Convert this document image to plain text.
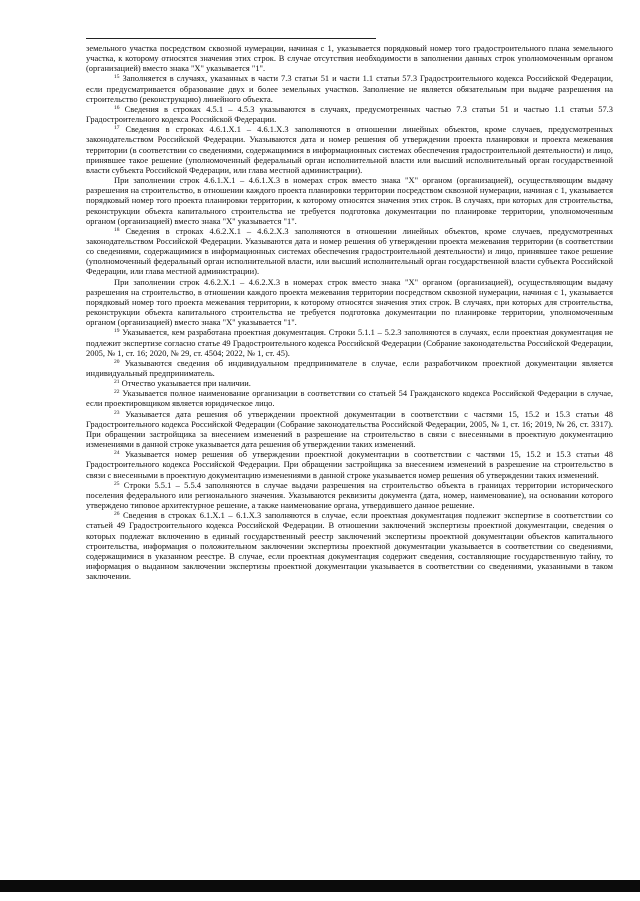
земельного участка посредством сквозной нумерации, начиная с 1, указывается порядковый номер того градостроительного плана земельного участка, к которому относятся значения этих строк. В случае отсутствия необходимости в заполнении данных строк уполномоченным органом (организацией) вместо знака "Х" указывается "1".

$^{15}$ Заполняется в случаях, указанных в части 7.3 статьи 51 и части 1.1 статьи 57.3 Градостроительного кодекса Российской Федерации, если предусматривается образование двух и более земельных участков. Заполнение не является обязательным при выдаче разрешения на строительство (реконструкцию) линейного объекта.

$^{16}$ Сведения в строках 4.5.1 – 4.5.3 указываются в случаях, предусмотренных частью 7.3 статьи 51 и частью 1.1 статьи 57.3 Градостроительного кодекса Российской Федерации.

$^{17}$ Сведения в строках 4.6.1.Х.1 – 4.6.1.Х.3 заполняются в отношении линейных объектов, кроме случаев, предусмотренных законодательством Российской Федерации. Указываются дата и номер решения об утверждении проекта планировки и проекта межевания территории (в соответствии со сведениями, содержащимися в информационных системах обеспечения градостроительной деятельности) и лицо, принявшее такое решение (уполномоченный федеральный орган исполнительной власти или высший исполнительный орган государственной власти субъекта Российской Федерации, или глава местной администрации).

При заполнении строк 4.6.1.Х.1 – 4.6.1.Х.3 в номерах строк вместо знака "Х" органом (организацией), осуществляющим выдачу разрешения на строительство, в отношении каждого проекта планировки территории посредством сквозной нумерации, начиная с 1, указывается порядковый номер того проекта планировки территории, к которому относятся значения этих строк. В случаях, при которых для строительства, реконструкции объекта капитального строительства не требуется подготовка документации по планировке территории, уполномоченным органом (организацией) вместо знака "Х" указывается "1".

$^{18}$ Сведения в строках 4.6.2.Х.1 – 4.6.2.Х.3 заполняются в отношении линейных объектов, кроме случаев, предусмотренных законодательством Российской Федерации. Указываются дата и номер решения об утверждении проекта межевания территории (в соответствии со сведениями, содержащимися в информационных системах обеспечения градостроительной деятельности) и лицо, принявшее такое решение (уполномоченный федеральный орган исполнительной власти, или высший исполнительный орган государственной власти субъекта Российской Федерации, или глава местной администрации).

При заполнении строк 4.6.2.Х.1 – 4.6.2.Х.3 в номерах строк вместо знака "Х" органом (организацией), осуществляющим выдачу разрешения на строительство, в отношении каждого проекта межевания территории посредством сквозной нумерации, начиная с 1, указывается порядковый номер того проекта межевания территории, к которому относятся значения этих строк. В случаях, при которых для строительства, реконструкции объекта капитального строительства не требуется подготовка документации по планировке территории, уполномоченным органом (организацией) вместо знака "Х" указывается "1".

$^{19}$ Указывается, кем разработана проектная документация. Строки 5.1.1 – 5.2.3 заполняются в случаях, если проектная документация не подлежит экспертизе согласно статье 49 Градостроительного кодекса Российской Федерации (Собрание законодательства Российской Федерации, 2005, № 1, ст. 16; 2020, № 29, ст. 4504; 2022, № 1, ст. 45).

$^{20}$ Указываются сведения об индивидуальном предпринимателе в случае, если разработчиком проектной документации является индивидуальный предприниматель.

$^{21}$ Отчество указывается при наличии.

$^{22}$ Указывается полное наименование организации в соответствии со статьей 54 Гражданского кодекса Российской Федерации в случае, если проектировщиком является юридическое лицо.

$^{23}$ Указывается дата решения об утверждении проектной документации в соответствии с частями 15, 15.2 и 15.3 статьи 48 Градостроительного кодекса Российской Федерации (Собрание законодательства Российской Федерации, 2005, № 1, ст. 16; 2019, № 26, ст. 3317). При обращении застройщика за внесением изменений в разрешение на строительство в связи с внесенными в проектную документацию изменениями в данной строке указывается дата решения об утверждении таких изменений.

$^{24}$ Указывается номер решения об утверждении проектной документации в соответствии с частями 15, 15.2 и 15.3 статьи 48 Градостроительного кодекса Российской Федерации. При обращении застройщика за внесением изменений в разрешение на строительство в связи с внесенными в проектную документацию изменениями в данной строке указывается номер решения об утверждении таких изменений.

$^{25}$ Строки 5.5.1 – 5.5.4 заполняются в случае выдачи разрешения на строительство объекта в границах территории исторического поселения федерального или регионального значения. Указываются реквизиты документа (дата, номер, наименование), на основании которого утверждено типовое архитектурное решение, а также наименование органа, утвердившего данное решение.

$^{26}$ Сведения в строках 6.1.Х.1 – 6.1.Х.3 заполняются в случае, если проектная документация подлежит экспертизе в соответствии со статьей 49 Градостроительного кодекса Российской Федерации. В отношении заключений экспертизы проектной документации, сведения о которых подлежат включению в единый государственный реестр заключений экспертизы проектной документации объектов капитального строительства, информация о положительном заключении экспертизы проектной документации указывается в соответствии со сведениями, содержащимися в указанном реестре. В случае, если проектная документация содержит сведения, составляющие государственную тайну, то информация о выданном заключении экспертизы проектной документации указывается в соответствии со сведениями, указанными в таком заключении.
